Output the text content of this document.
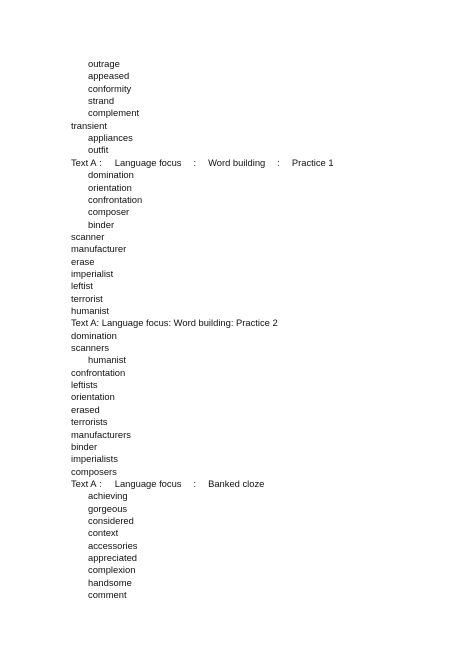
outrage
appeased
conformity
strand
complement
transient
appliances
outfit
Text A : Language focus : Word building : Practice 1
domination
orientation
confrontation
composer
binder
scanner
manufacturer
erase
imperialist
leftist
terrorist
humanist
Text A: Language focus: Word building: Practice 2
domination
scanners
humanist
confrontation
leftists
orientation
erased
terrorists
manufacturers
binder
imperialists
composers
Text A : Language focus : Banked cloze
achieving
gorgeous
considered
context
accessories
appreciated
complexion
handsome
comment
